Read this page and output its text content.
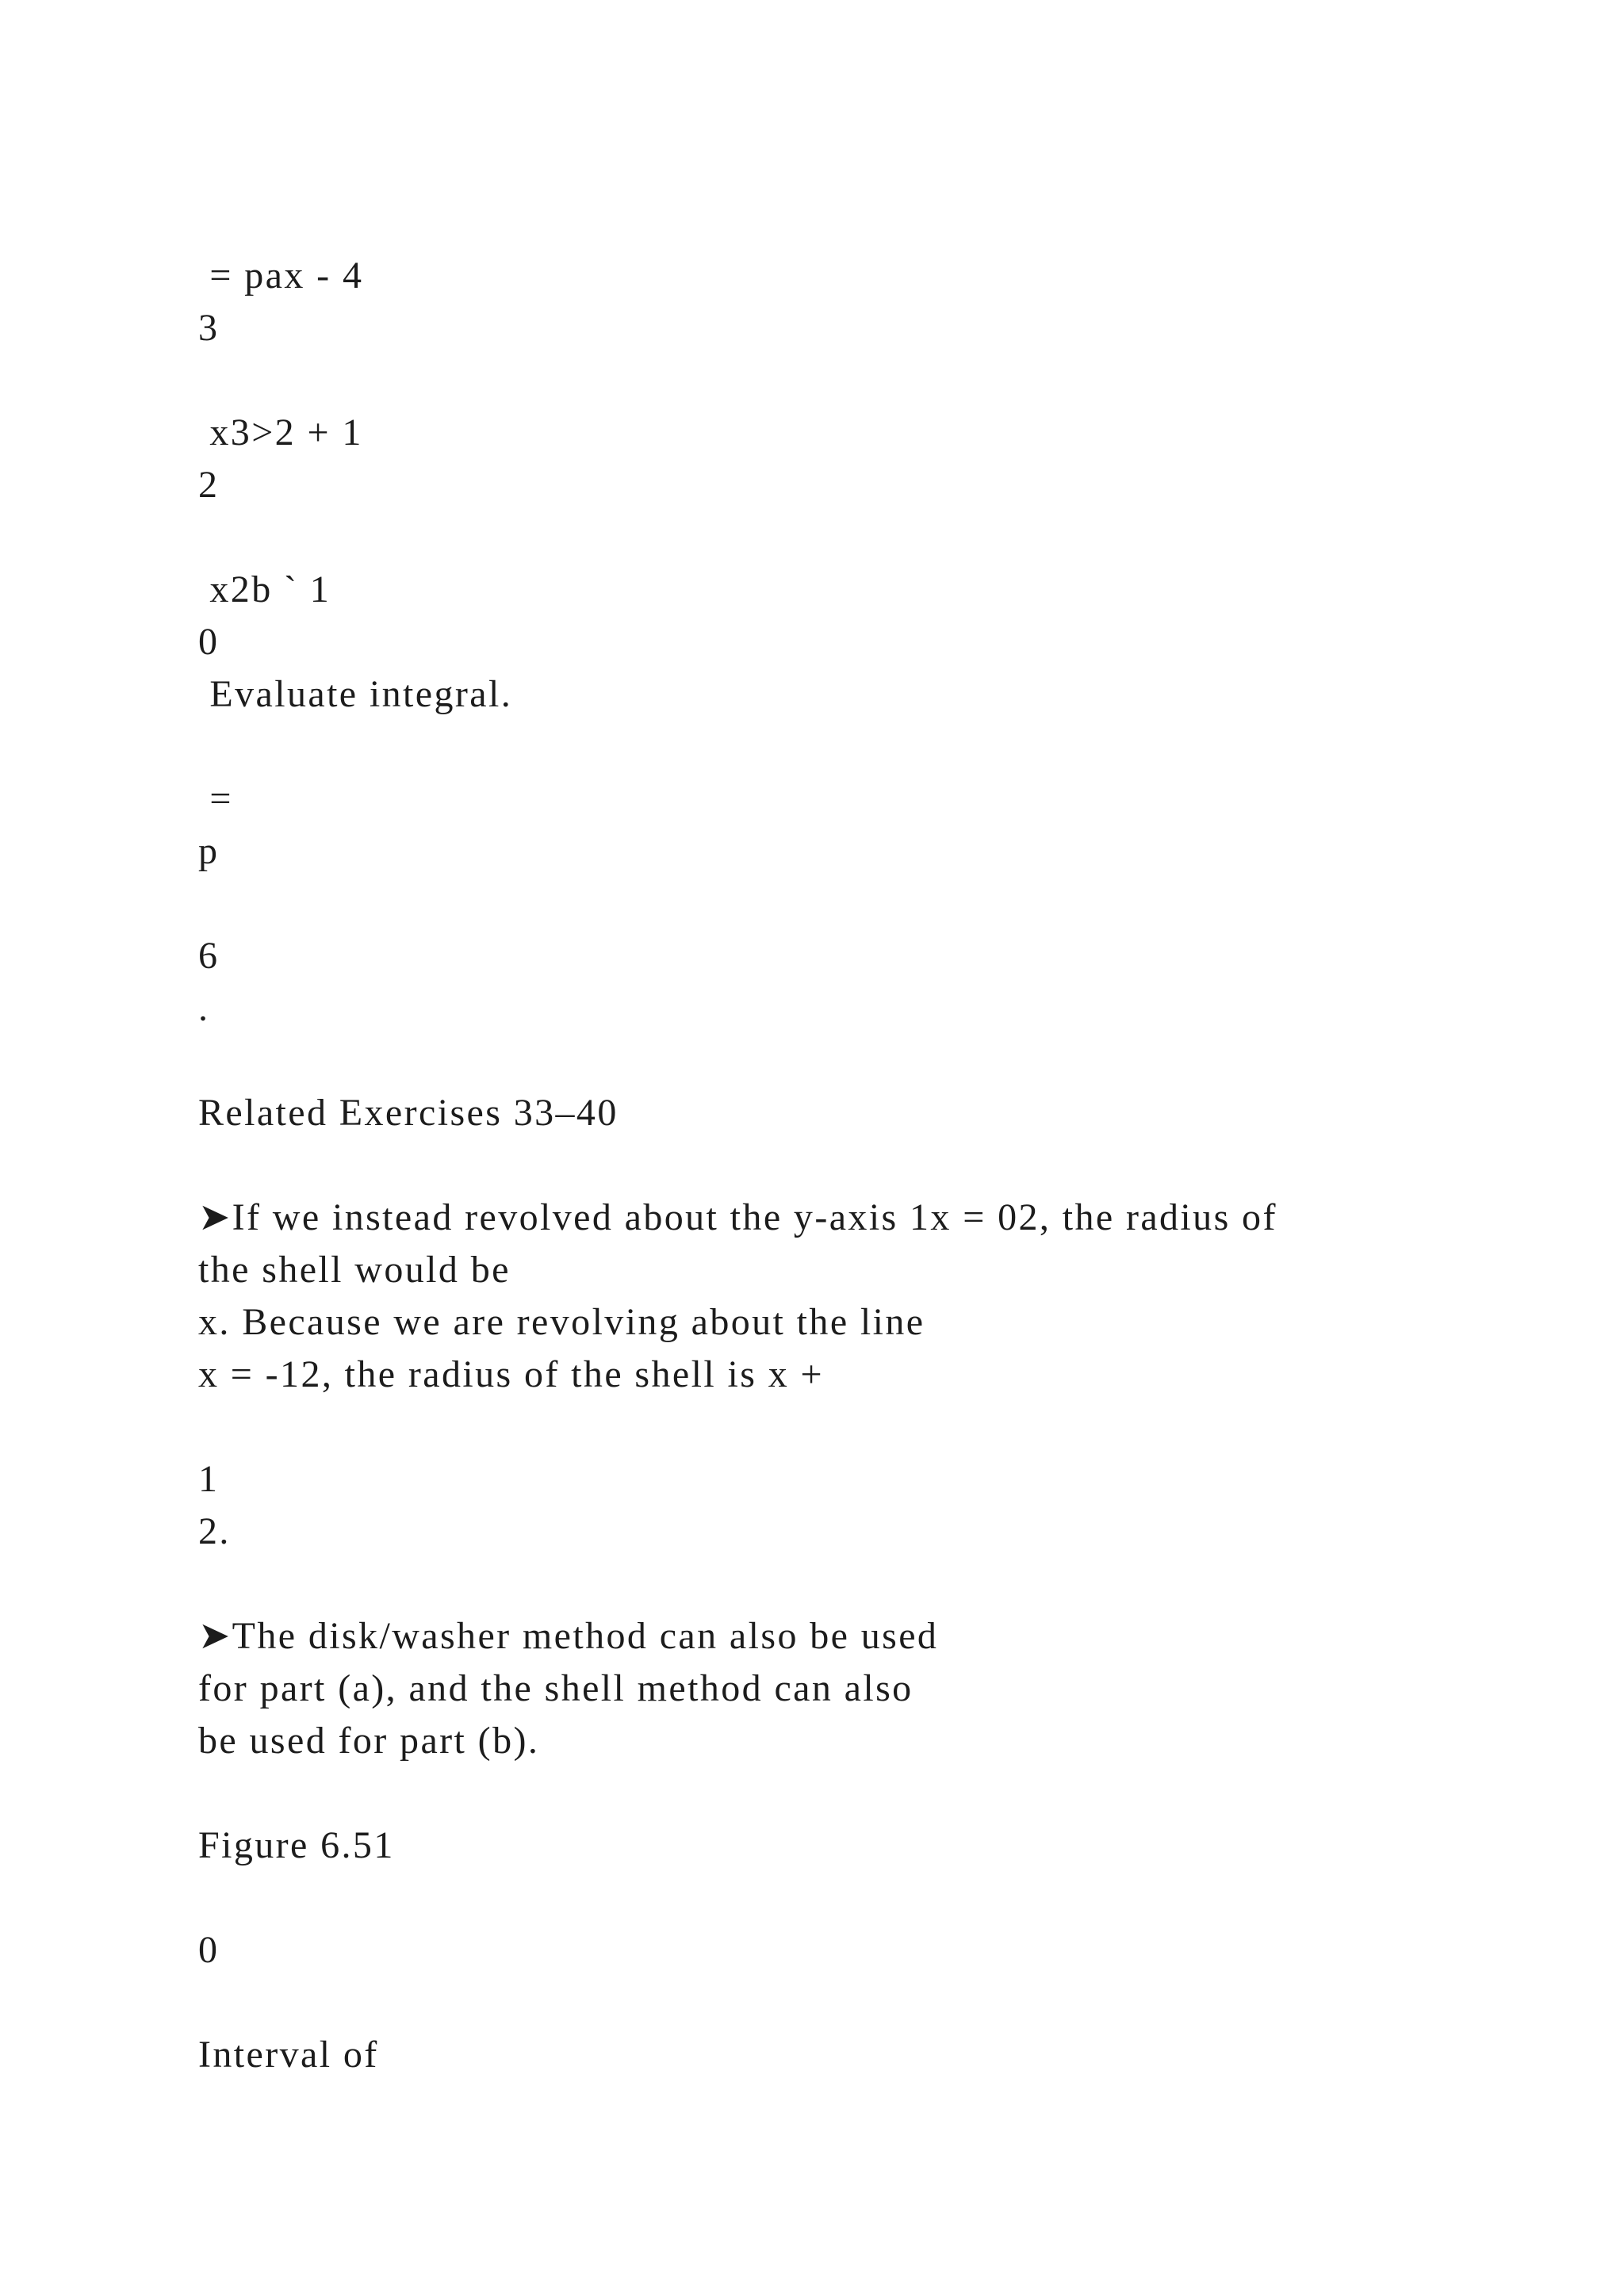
= pax - 4

3

x3>2 + 1

2

x2b ` 1

0

Evaluate integral.

=

p

6

.

Related Exercises 33–40

➤If we instead revolved about the y-axis 1x = 02, the radius of

the shell would be

x. Because we are revolving about the line

x = -12, the radius of the shell is x +

1

2.

➤The disk/washer method can also be used

for part (a), and the shell method can also

be used for part (b).

Figure 6.51

0

Interval of
